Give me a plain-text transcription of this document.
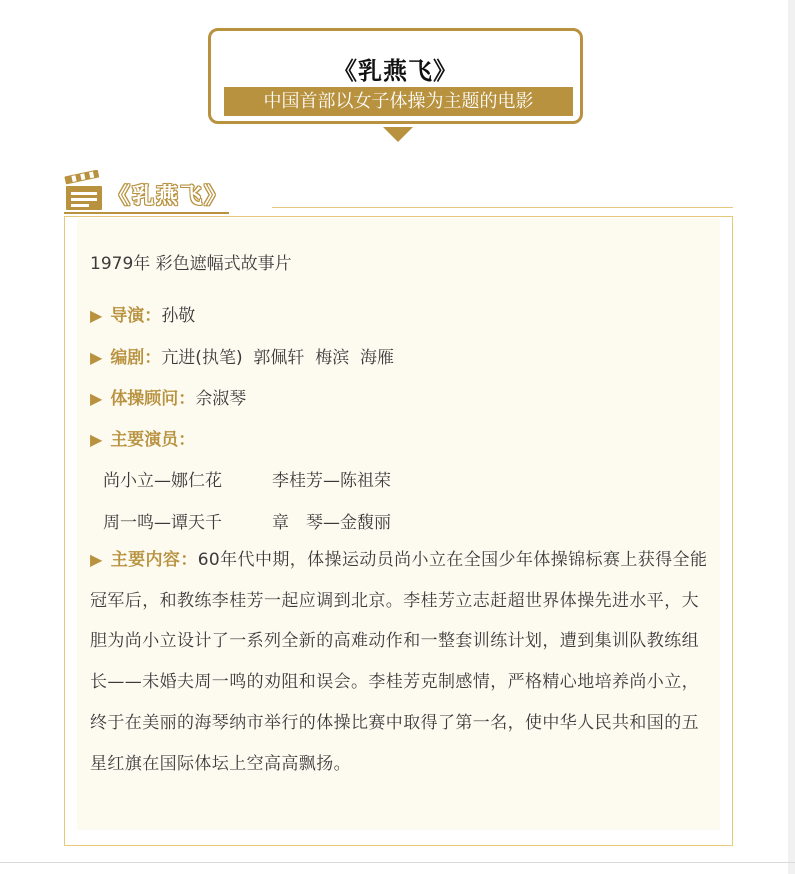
《乳燕飞》
中国首部以女子体操为主题的电影
《乳燕飞》
1979年 彩色遮幅式故事片
▶ 导演：孙敬
▶ 编剧：亢进(执笔)  郭佩轩  梅滨  海雁
▶ 体操顾问：佘淑琴
▶ 主要演员：
尚小立—娜仁花	李桂芳—陈祖荣
周一鸣—谭天千	章　琴—金馥丽
▶ 主要内容：60年代中期，体操运动员尚小立在全国少年体操锦标赛上获得全能冠军后，和教练李桂芳一起应调到北京。李桂芳立志赶超世界体操先进水平，大胆为尚小立设计了一系列全新的高难动作和一整套训练计划，遭到集训队教练组长——未婚夫周一鸣的劝阻和误会。李桂芳克制感情，严格精心地培养尚小立，终于在美丽的海琴纳市举行的体操比赛中取得了第一名，使中华人民共和国的五星红旗在国际体坛上空高高飘扬。
